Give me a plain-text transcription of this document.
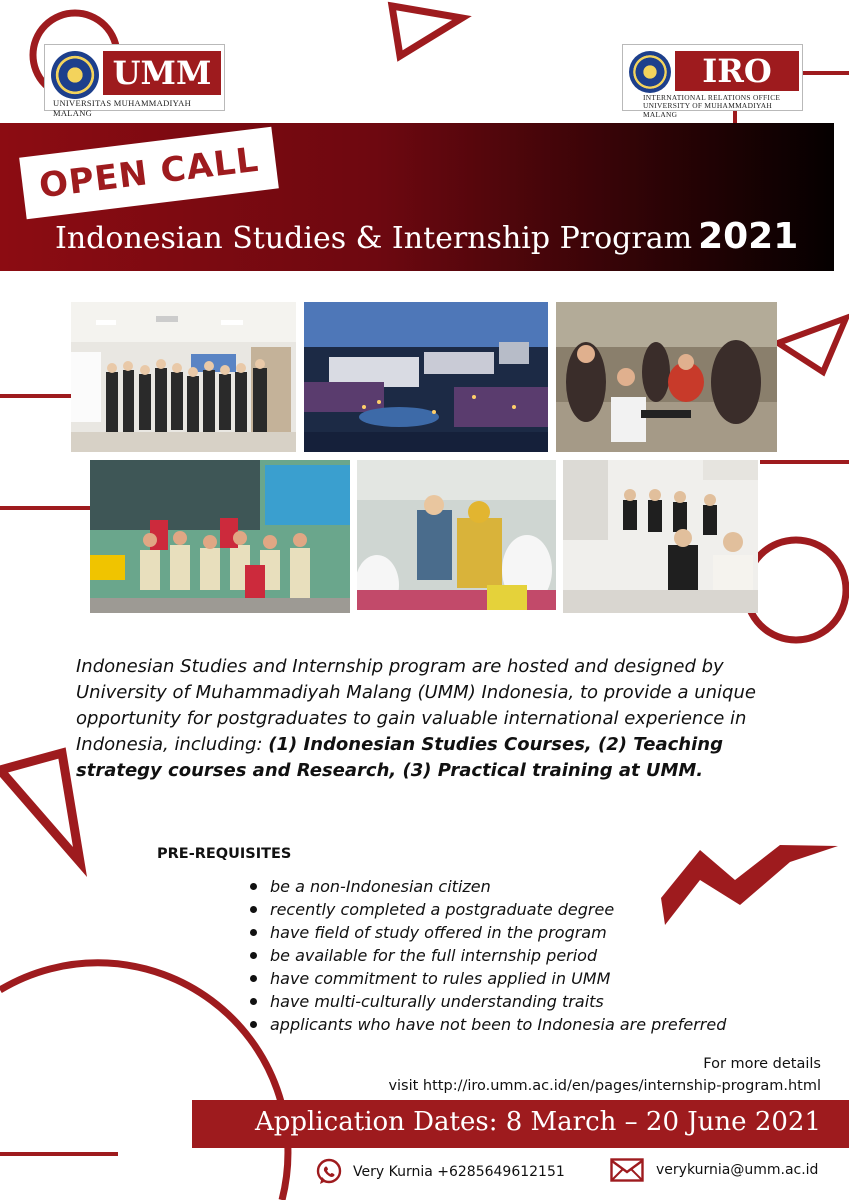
UMM
UNIVERSITAS MUHAMMADIYAH MALANG
IRO
INTERNATIONAL RELATIONS OFFICE
UNIVERSITY OF MUHAMMADIYAH MALANG
OPEN CALL
Indonesian Studies & Internship Program 2021

Indonesian Studies and Internship program are hosted and designed by University of Muhammadiyah Malang (UMM) Indonesia, to provide a unique opportunity for postgraduates to gain valuable international experience in Indonesia, including: (1) Indonesian Studies Courses, (2) Teaching strategy courses and Research, (3) Practical training at UMM.

PRE-REQUISITES
be a non-Indonesian citizen
recently completed a postgraduate degree
have field of study offered in the program
be available for the full internship period
have commitment to rules applied in UMM
have multi-culturally understanding traits
applicants who have not been to Indonesia are preferred
For more details
visit http://iro.umm.ac.id/en/pages/internship-program.html
Application Dates: 8 March – 20 June 2021
Very Kurnia +6285649612151	verykurnia@umm.ac.id
